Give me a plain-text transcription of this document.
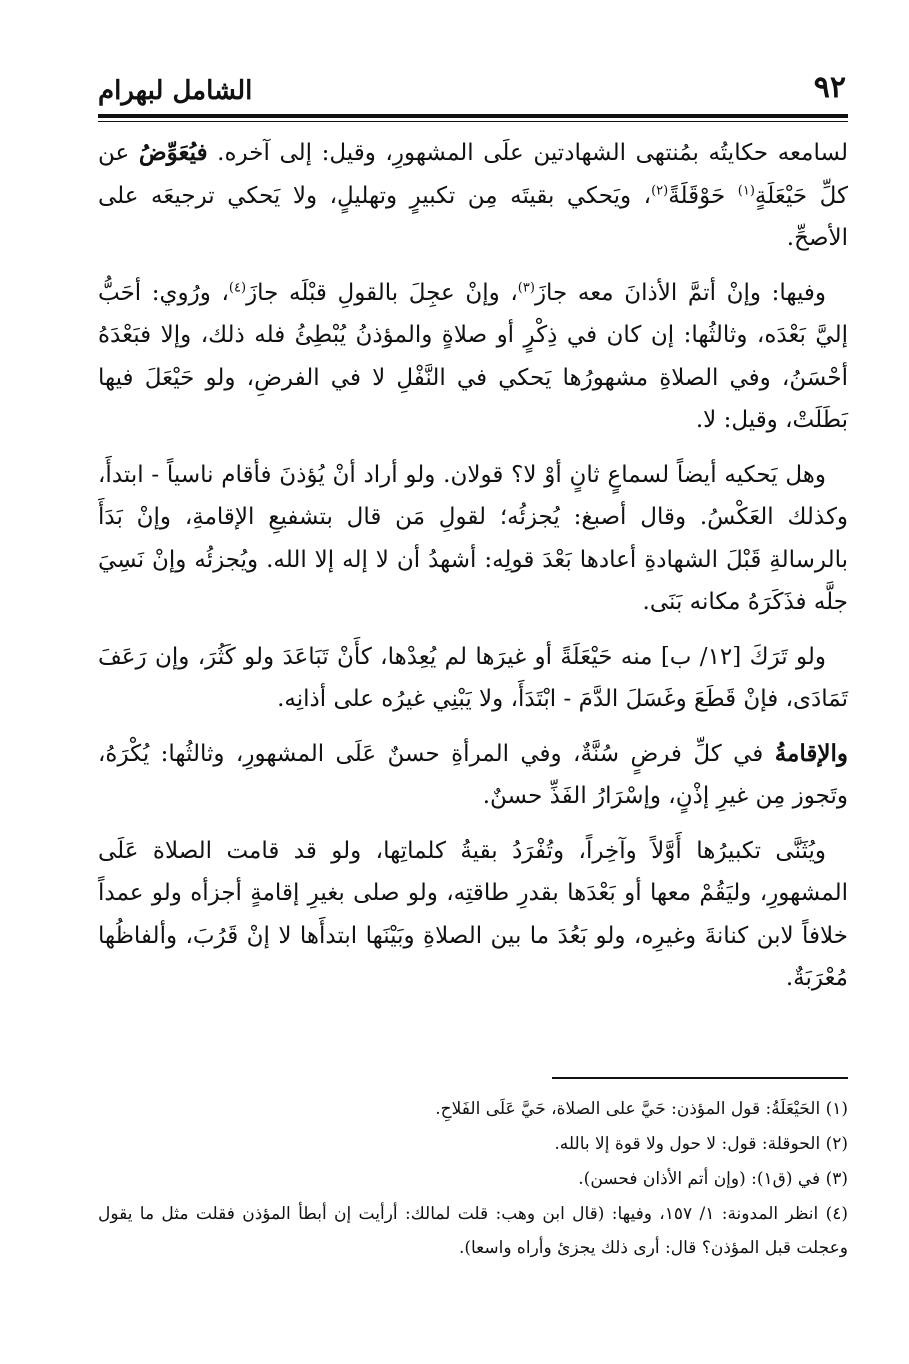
٩٢
الشامل لبهرام

لسامعه حكايتُه بمُنتهى الشهادتين علَى المشهورِ، وقيل: إلى آخره. فيُعَوِّضُ عن كلِّ حَيْعَلَةٍ$^{(١)}$ حَوْقَلَةً$^{(٢)}$، ويَحكي بقيتَه مِن تكبيرٍ وتهليلٍ، ولا يَحكي ترجيعَه على الأصحِّ.

وفيها: وإنْ أتمَّ الأذانَ معه جازَ$^{(٣)}$، وإنْ عجِلَ بالقولِ قبْلَه جازَ$^{(٤)}$، ورُوي: أحَبُّ إليَّ بَعْدَه، وثالثُها: إن كان في ذِكْرٍ أو صلاةٍ والمؤذنُ يُبْطِئُ فله ذلك، وإلا فبَعْدَهُ أحْسَنُ، وفي الصلاةِ مشهورُها يَحكي في النَّفْلِ لا في الفرضِ، ولو حَيْعَلَ فيها بَطَلَتْ، وقيل: لا.

وهل يَحكيه أيضاً لسماعٍ ثانٍ أوْ لا؟ قولان. ولو أراد أنْ يُؤذنَ فأقام ناسياً - ابتدأَ، وكذلك العَكْسُ. وقال أصبغ: يُجزئُه؛ لقولِ مَن قال بتشفيعِ الإقامةِ، وإنْ بَدَأَ بالرسالةِ قَبْلَ الشهادةِ أعادها بَعْدَ قولِه: أشهدُ أن لا إله إلا الله. ويُجزئُه وإنْ نَسِيَ جلَّه فذَكَرَهُ مكانه بَنَى.

ولو تَرَكَ [١٢/ ب] منه حَيْعَلَةً أو غيرَها لم يُعِدْها، كأَنْ تَبَاعَدَ ولو كَثُرَ، وإن رَعَفَ تَمَادَى، فإنْ قَطَعَ وغَسَلَ الدَّمَ - ابْتَدَأَ، ولا يَبْنِي غيرُه على أذانِه.

والإقامةُ في كلِّ فرضٍ سُنَّةٌ، وفي المرأةِ حسنٌ عَلَى المشهورِ، وثالثُها: يُكْرَهُ، وتَجوز مِن غيرِ إذْنٍ، وإسْرَارُ الفَذِّ حسنٌ.

ويُثَنَّى تكبيرُها أَوَّلاً وآخِراً، وتُفْرَدُ بقيةُ كلماتِها، ولو قد قامت الصلاة عَلَى المشهورِ، وليَقُمْ معها أو بَعْدَها بقدرِ طاقتِه، ولو صلى بغيرِ إقامةٍ أجزأه ولو عمداً خلافاً لابن كنانةَ وغيرِه، ولو بَعُدَ ما بين الصلاةِ وبَيْنَها ابتدأَها لا إنْ قَرُبَ، وألفاظُها مُعْرَبَةٌ.

(١) الحَيْعَلَةُ: قول المؤذن: حَيَّ على الصلاة، حَيَّ عَلَى الفَلاحِ.

(٢) الحوقلة: قول: لا حول ولا قوة إلا بالله.

(٣) في (ق١): (وإن أتم الأذان فحسن).

(٤) انظر المدونة: ١/ ١٥٧، وفيها: (قال ابن وهب: قلت لمالك: أرأيت إن أبطأ المؤذن فقلت مثل ما يقول وعجلت قبل المؤذن؟ قال: أرى ذلك يجزئ وأراه واسعا).
